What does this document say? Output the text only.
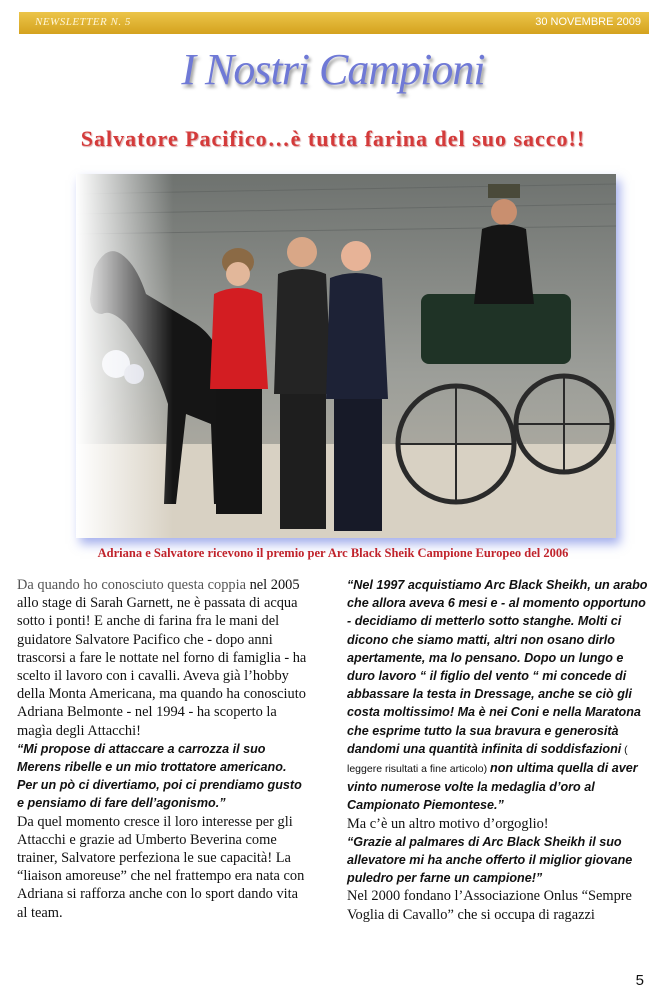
NEWSLETTER N. 5	30 NOVEMBRE 2009
I Nostri Campioni
Salvatore Pacifico…è tutta farina del suo sacco!!
Adriana e Salvatore ricevono il premio per Arc Black Sheik Campione Europeo del 2006

Da quando ho conosciuto questa coppia nel 2005 allo stage di Sarah Garnett, ne è passata di acqua sotto i ponti! E anche di farina fra le mani del guidatore Salvatore Pacifico che - dopo anni trascorsi a fare le nottate nel forno di famiglia - ha scelto il lavoro con i cavalli. Aveva già l’hobby della Monta Americana, ma quando ha conosciuto Adriana Belmonte - nel 1994 - ha scoperto la magìa degli Attacchi!

“Mi propose di attaccare a carrozza il suo Merens ribelle e un mio trottatore americano. Per un pò ci divertiamo, poi ci prendiamo gusto e pensiamo di fare dell’agonismo.”

Da quel momento cresce il loro interesse per gli Attacchi e grazie ad Umberto Beverina come trainer, Salvatore perfeziona le sue capacità! La “liaison amoreuse” che nel frattempo era nata con Adriana si rafforza anche con lo sport dando vita al team.

“Nel 1997 acquistiamo Arc Black Sheikh, un arabo che allora aveva 6 mesi e - al momento opportuno - decidiamo di metterlo sotto stanghe. Molti ci dicono che siamo matti, altri non osano dirlo apertamente, ma lo pensano. Dopo un lungo e duro lavoro “ il figlio del vento “ mi concede di abbassare la testa in Dressage, anche se ciò gli costa moltissimo! Ma è nei Coni e nella Maratona che esprime tutto la sua bravura e generosità dandomi una quantità infinita di soddisfazioni ( leggere risultati a fine articolo) non ultima quella di aver vinto numerose volte la medaglia d’oro al Campionato Piemontese.”

Ma c’è un altro motivo d’orgoglio!

“Grazie al palmares di Arc Black Sheikh il suo allevatore mi ha anche offerto il miglior giovane puledro per farne un campione!”

Nel 2000 fondano l’Associazione Onlus “Sempre Voglia di Cavallo” che si occupa di ragazzi

5
